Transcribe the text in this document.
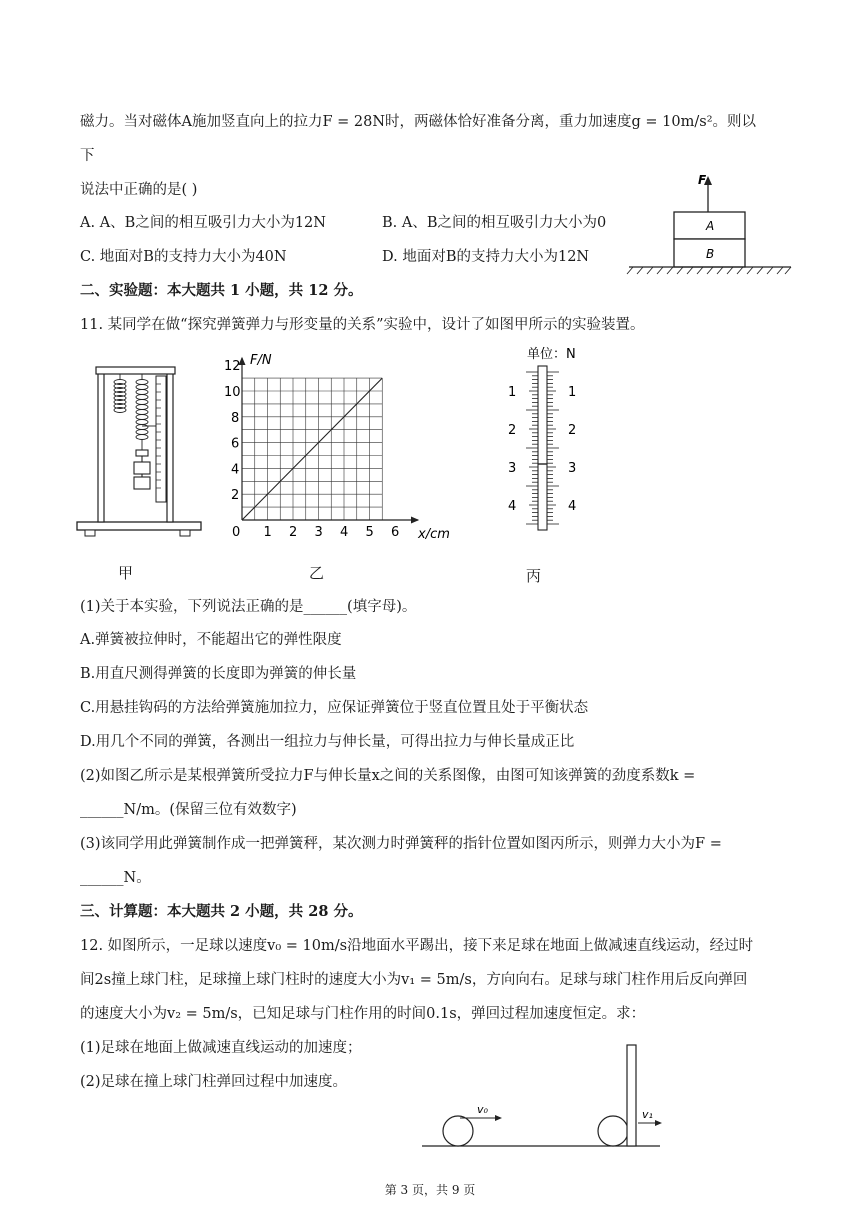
磁力。当对磁体A施加竖直向上的拉力F = 28N时，两磁体恰好准备分离，重力加速度g = 10m/s²。则以
下
说法中正确的是( )
A. A、B之间的相互吸引力大小为12N	B. A、B之间的相互吸引力大小为0
C. 地面对B的支持力大小为40N	D. 地面对B的支持力大小为12N
F
A
B
二、实验题：本大题共 1 小题，共 12 分。
11. 某同学在做“探究弹簧弹力与形变量的关系”实验中，设计了如图甲所示的实验装置。
甲
0 1 2 3 4 5 6
2
4
6
8
10
12
x/cm
F/N
乙
单位：N
1
2
3
4
1
2
3
4
丙
(1)关于本实验，下列说法正确的是______(填字母)。
A.弹簧被拉伸时，不能超出它的弹性限度
B.用直尺测得弹簧的长度即为弹簧的伸长量
C.用悬挂钩码的方法给弹簧施加拉力，应保证弹簧位于竖直位置且处于平衡状态
D.用几个不同的弹簧，各测出一组拉力与伸长量，可得出拉力与伸长量成正比
(2)如图乙所示是某根弹簧所受拉力F与伸长量x之间的关系图像，由图可知该弹簧的劲度系数k =
______N/m。(保留三位有效数字)
(3)该同学用此弹簧制作成一把弹簧秤，某次测力时弹簧秤的指针位置如图丙所示，则弹力大小为F =
______N。
三、计算题：本大题共 2 小题，共 28 分。
12. 如图所示，一足球以速度v₀ = 10m/s沿地面水平踢出，接下来足球在地面上做减速直线运动，经过时
间2s撞上球门柱，足球撞上球门柱时的速度大小为v₁ = 5m/s，方向向右。足球与球门柱作用后反向弹回
的速度大小为v₂ = 5m/s，已知足球与门柱作用的时间0.1s，弹回过程加速度恒定。求：
(1)足球在地面上做减速直线运动的加速度；
(2)足球在撞上球门柱弹回过程中加速度。
v₀	v₁
第 3 页，共 9 页
